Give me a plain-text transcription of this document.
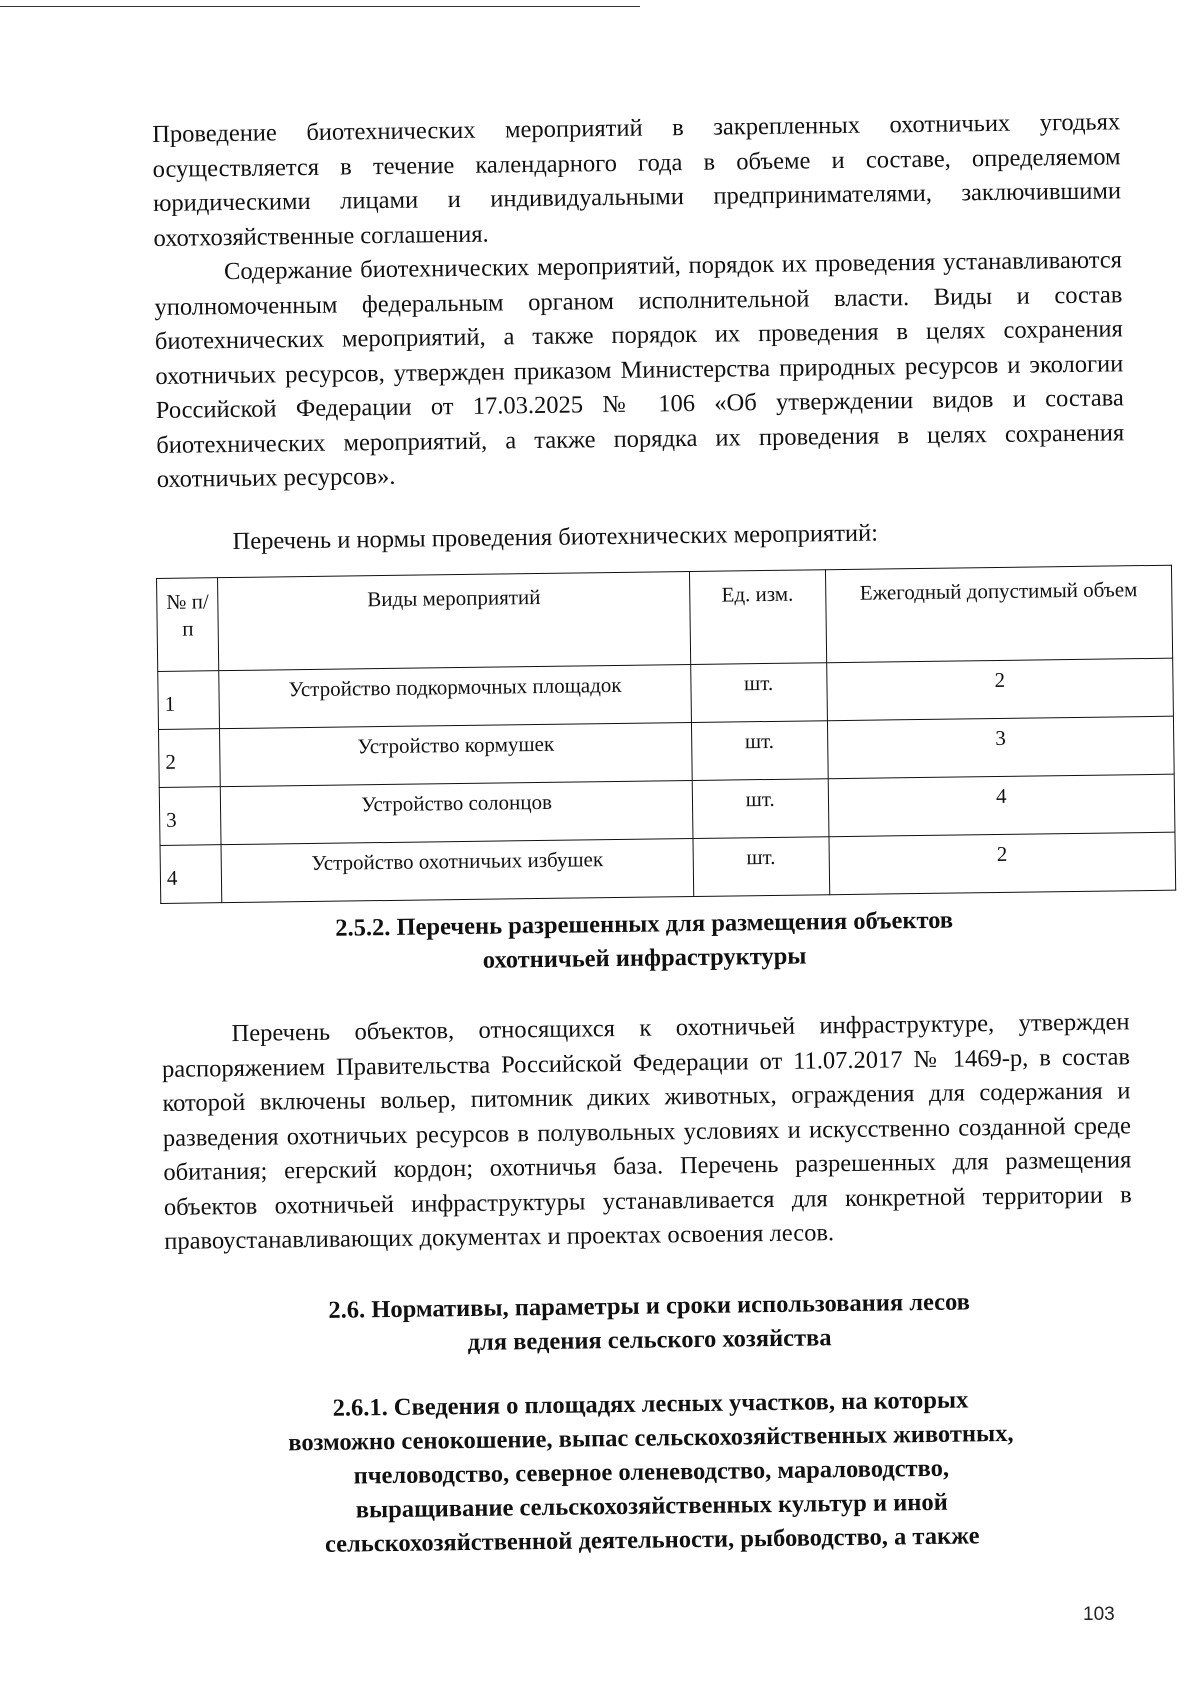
Проведение биотехнических мероприятий в закрепленных охотничьих угодьях осуществляется в течение календарного года в объеме и составе, определяемом юридическими лицами и индивидуальными предпринимателями, заключившими охотхозяйственные соглашения.

Содержание биотехнических мероприятий, порядок их проведения устанавливаются уполномоченным федеральным органом исполнительной власти. Виды и состав биотехнических мероприятий, а также порядок их проведения в целях сохранения охотничьих ресурсов, утвержден приказом Министерства природных ресурсов и экологии Российской Федерации от 17.03.2025 № 106 «Об утверждении видов и состава биотехнических мероприятий, а также порядка их проведения в целях сохранения охотничьих ресурсов».

Перечень и нормы проведения биотехнических мероприятий:

№ п/п	Виды мероприятий	Ед. изм.	Ежегодный допустимый объем
1	Устройство подкормочных площадок	шт.	2
2	Устройство кормушек	шт.	3
3	Устройство солонцов	шт.	4
4	Устройство охотничьих избушек	шт.	2
2.5.2. Перечень разрешенных для размещения объектов
охотничьей инфраструктуры

Перечень объектов, относящихся к охотничьей инфраструктуре, утвержден распоряжением Правительства Российской Федерации от 11.07.2017 № 1469-р, в состав которой включены вольер, питомник диких животных, ограждения для содержания и разведения охотничьих ресурсов в полувольных условиях и искусственно созданной среде обитания; егерский кордон; охотничья база. Перечень разрешенных для размещения объектов охотничьей инфраструктуры устанавливается для конкретной территории в правоустанавливающих документах и проектах освоения лесов.

2.6. Нормативы, параметры и сроки использования лесов
для ведения сельского хозяйства
2.6.1. Сведения о площадях лесных участков, на которых
возможно сенокошение, выпас сельскохозяйственных животных,
пчеловодство, северное оленеводство, мараловодство,
выращивание сельскохозяйственных культур и иной
сельскохозяйственной деятельности, рыбоводство, а также
103
